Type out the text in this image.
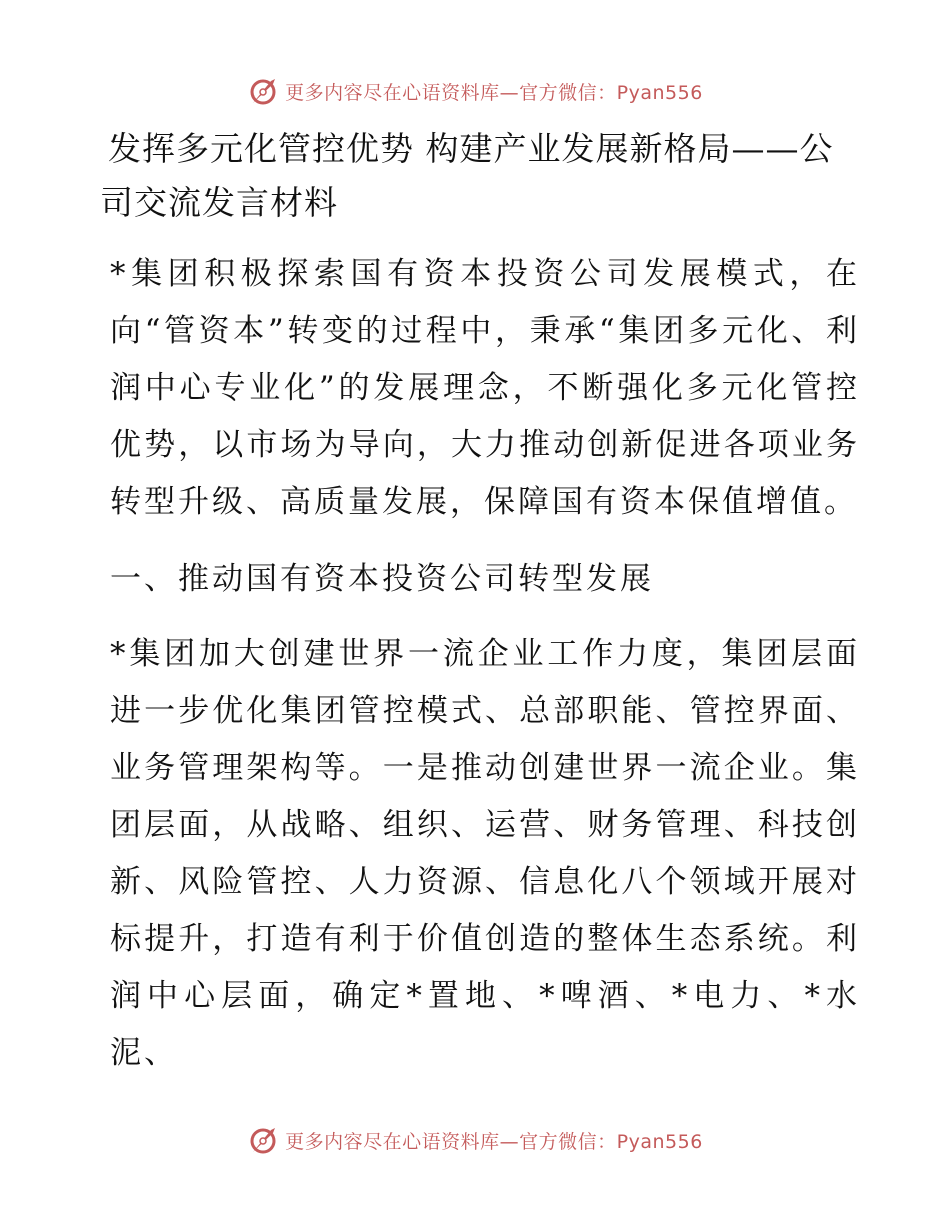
更多内容尽在心语资料库—官方微信：Pyan556
发挥多元化管控优势 构建产业发展新格局——公司交流发言材料

*集团积极探索国有资本投资公司发展模式，在向“管资本”转变的过程中，秉承“集团多元化、利润中心专业化”的发展理念，不断强化多元化管控优势，以市场为导向，大力推动创新促进各项业务转型升级、高质量发展，保障国有资本保值增值。

一、推动国有资本投资公司转型发展

*集团加大创建世界一流企业工作力度，集团层面进一步优化集团管控模式、总部职能、管控界面、业务管理架构等。一是推动创建世界一流企业。集团层面，从战略、组织、运营、财务管理、科技创新、风险管控、人力资源、信息化八个领域开展对标提升，打造有利于价值创造的整体生态系统。利润中心层面，确定*置地、*啤酒、*电力、*水泥、

更多内容尽在心语资料库—官方微信：Pyan556
